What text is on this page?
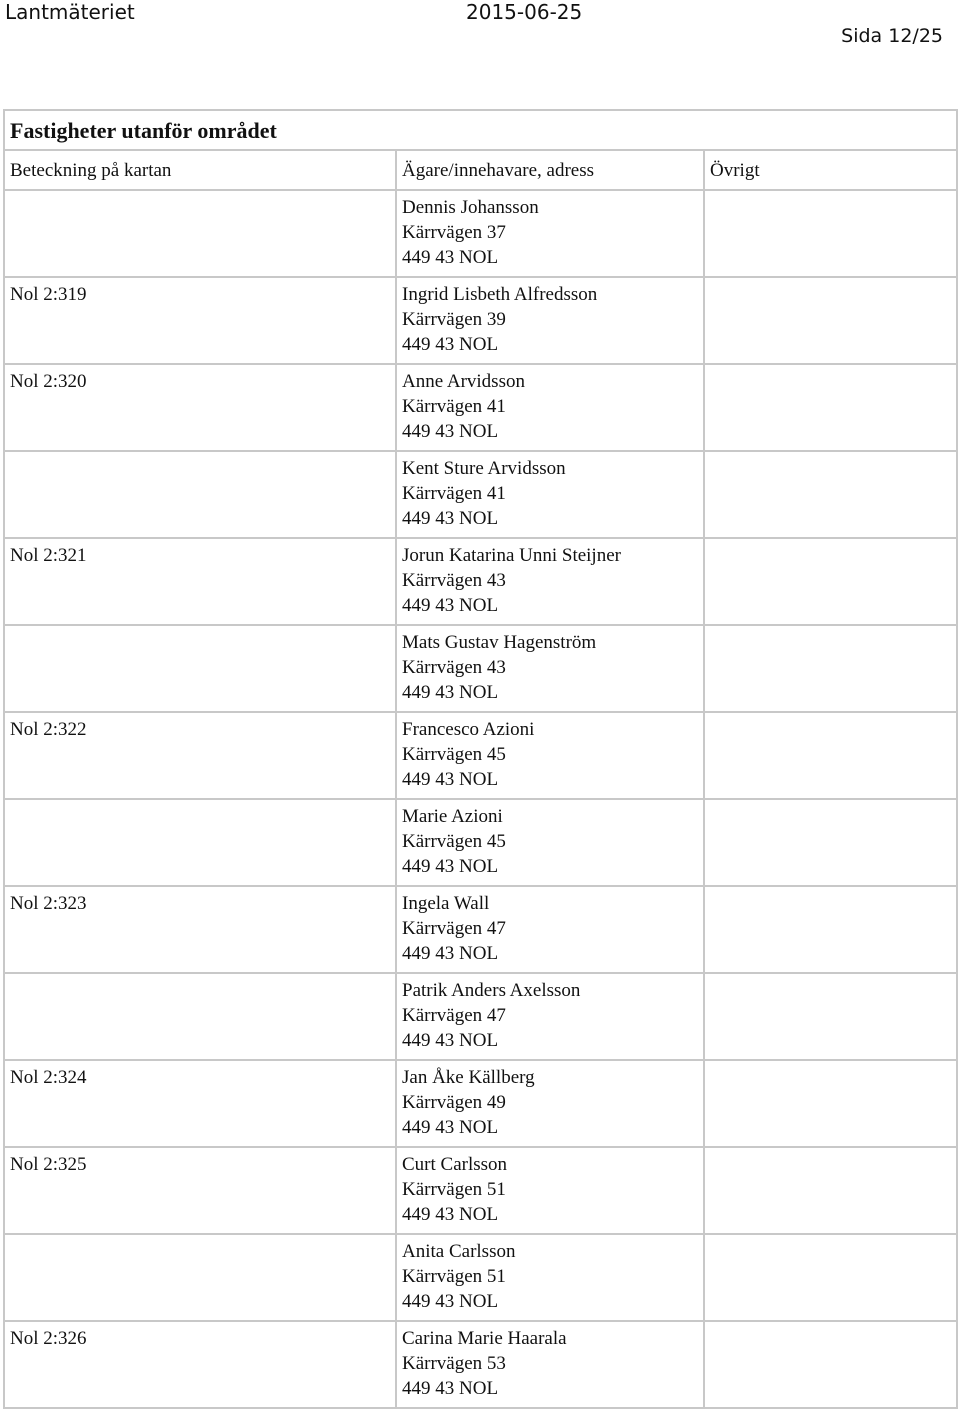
Lantmäteriet	2015-06-25
Sida 12/25
Fastigheter utanför området		
Beteckning på kartan	Ägare/innehavare, adress	Övrigt

	Dennis Johansson
Kärrvägen 37
449 43 NOL	

Nol 2:319	Ingrid Lisbeth Alfredsson
Kärrvägen 39
449 43 NOL	

Nol 2:320	Anne Arvidsson
Kärrvägen 41
449 43 NOL	

	Kent Sture Arvidsson
Kärrvägen 41
449 43 NOL	

Nol 2:321	Jorun Katarina Unni Steijner
Kärrvägen 43
449 43 NOL	

	Mats Gustav Hagenström
Kärrvägen 43
449 43 NOL	

Nol 2:322	Francesco Azioni
Kärrvägen 45
449 43 NOL	

	Marie Azioni
Kärrvägen 45
449 43 NOL	

Nol 2:323	Ingela Wall
Kärrvägen 47
449 43 NOL	

	Patrik Anders Axelsson
Kärrvägen 47
449 43 NOL	

Nol 2:324	Jan Åke Källberg
Kärrvägen 49
449 43 NOL	

Nol 2:325	Curt Carlsson
Kärrvägen 51
449 43 NOL	

	Anita Carlsson
Kärrvägen 51
449 43 NOL	

Nol 2:326	Carina Marie Haarala
Kärrvägen 53
449 43 NOL	
